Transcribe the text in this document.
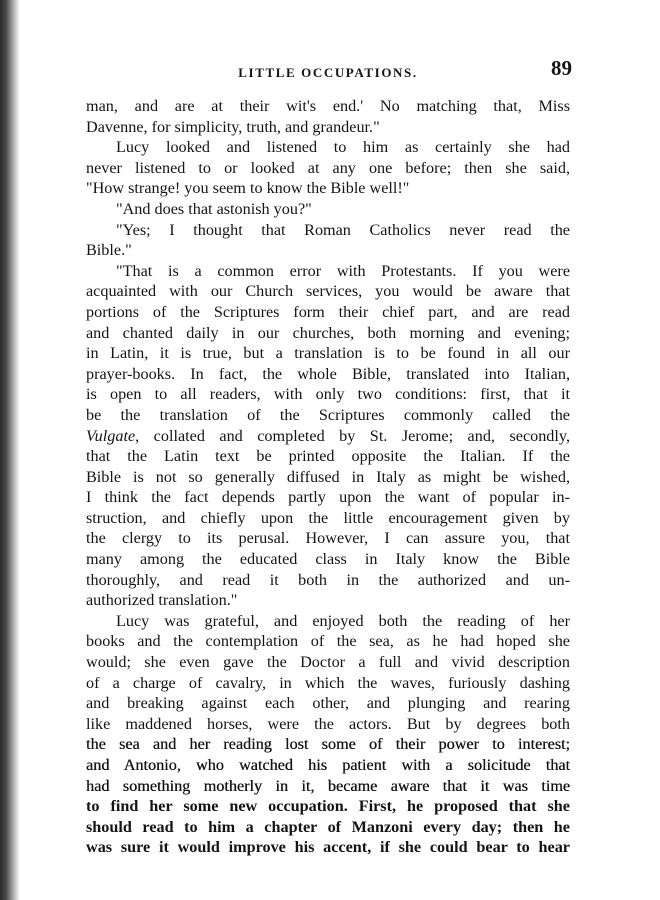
LITTLE OCCUPATIONS.	89
man, and are at their wit's end.' No matching that, Miss
Davenne, for simplicity, truth, and grandeur."
Lucy looked and listened to him as certainly she had
never listened to or looked at any one before; then she said,
"How strange! you seem to know the Bible well!"
"And does that astonish you?"
"Yes; I thought that Roman Catholics never read the
Bible."
"That is a common error with Protestants. If you were
acquainted with our Church services, you would be aware that
portions of the Scriptures form their chief part, and are read
and chanted daily in our churches, both morning and evening;
in Latin, it is true, but a translation is to be found in all our
prayer-books. In fact, the whole Bible, translated into Italian,
is open to all readers, with only two conditions: first, that it
be the translation of the Scriptures commonly called the
Vulgate, collated and completed by St. Jerome; and, secondly,
that the Latin text be printed opposite the Italian. If the
Bible is not so generally diffused in Italy as might be wished,
I think the fact depends partly upon the want of popular in-
struction, and chiefly upon the little encouragement given by
the clergy to its perusal. However, I can assure you, that
many among the educated class in Italy know the Bible
thoroughly, and read it both in the authorized and un-
authorized translation."
Lucy was grateful, and enjoyed both the reading of her
books and the contemplation of the sea, as he had hoped she
would; she even gave the Doctor a full and vivid description
of a charge of cavalry, in which the waves, furiously dashing
and breaking against each other, and plunging and rearing
like maddened horses, were the actors. But by degrees both
the sea and her reading lost some of their power to interest;
and Antonio, who watched his patient with a solicitude that
had something motherly in it, became aware that it was time
to find her some new occupation. First, he proposed that she
should read to him a chapter of Manzoni every day; then he
was sure it would improve his accent, if she could bear to hear
